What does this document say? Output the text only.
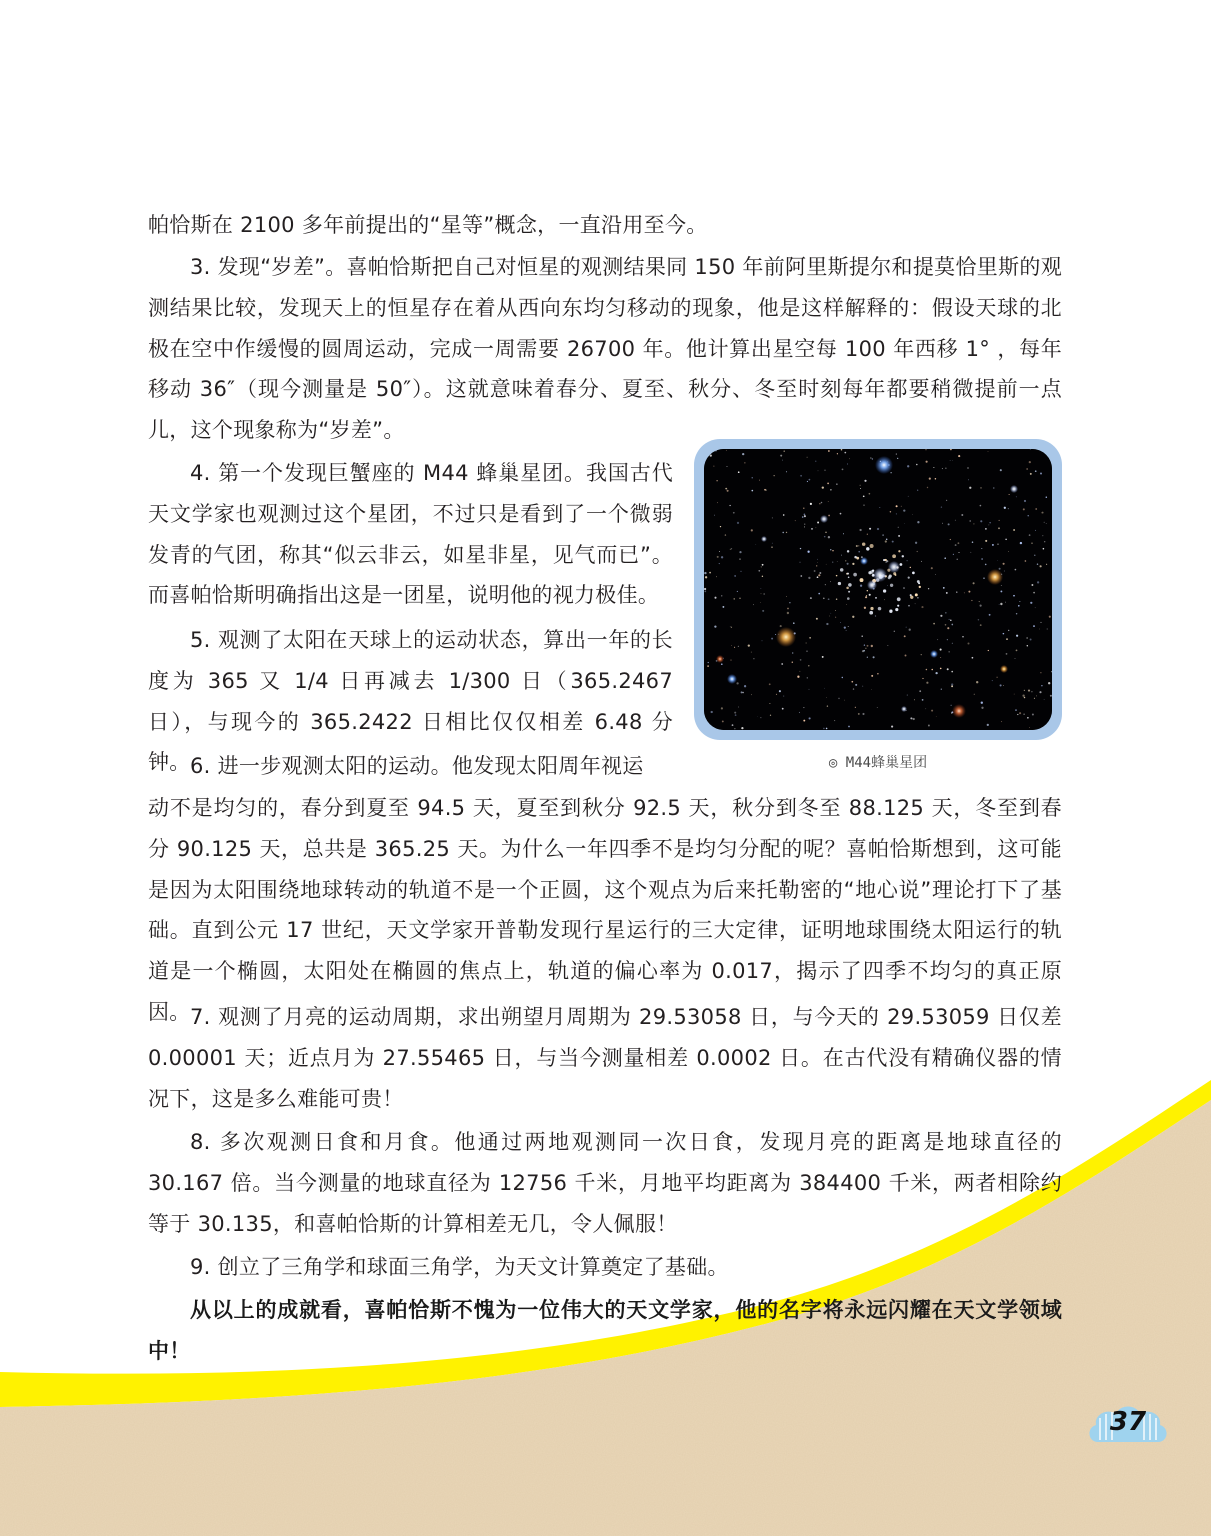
帕恰斯在 2100 多年前提出的“星等”概念，一直沿用至今。

3. 发现“岁差”。喜帕恰斯把自己对恒星的观测结果同 150 年前阿里斯提尔和提莫恰里斯的观测结果比较，发现天上的恒星存在着从西向东均匀移动的现象，他是这样解释的：假设天球的北极在空中作缓慢的圆周运动，完成一周需要 26700 年。他计算出星空每 100 年西移 1° ，每年移动 36″（现今测量是 50″）。这就意味着春分、夏至、秋分、冬至时刻每年都要稍微提前一点儿，这个现象称为“岁差”。

4. 第一个发现巨蟹座的 M44 蜂巢星团。我国古代天文学家也观测过这个星团，不过只是看到了一个微弱发青的气团，称其“似云非云，如星非星，见气而已”。而喜帕恰斯明确指出这是一团星，说明他的视力极佳。

5. 观测了太阳在天球上的运动状态，算出一年的长度为 365 又 1/4 日再减去 1/300 日（365.2467 日），与现今的 365.2422 日相比仅仅相差 6.48 分钟。 6. 进一步观测太阳的运动。他发现太阳周年视运

动不是均匀的，春分到夏至 94.5 天，夏至到秋分 92.5 天，秋分到冬至 88.125 天，冬至到春分 90.125 天，总共是 365.25 天。为什么一年四季不是均匀分配的呢？喜帕恰斯想到，这可能是因为太阳围绕地球转动的轨道不是一个正圆，这个观点为后来托勒密的“地心说”理论打下了基础。直到公元 17 世纪，天文学家开普勒发现行星运行的三大定律，证明地球围绕太阳运行的轨道是一个椭圆，太阳处在椭圆的焦点上，轨道的偏心率为 0.017，揭示了四季不均匀的真正原因。 7. 观测了月亮的运动周期，求出朔望月周期为 29.53058 日，与今天的 29.53059 日仅差 0.00001 天；近点月为 27.55465 日，与当今测量相差 0.0002 日。在古代没有精确仪器的情况下，这是多么难能可贵！

8. 多次观测日食和月食。他通过两地观测同一次日食，发现月亮的距离是地球直径的 30.167 倍。当今测量的地球直径为 12756 千米，月地平均距离为 384400 千米，两者相除约等于 30.135，和喜帕恰斯的计算相差无几，令人佩服！

9. 创立了三角学和球面三角学，为天文计算奠定了基础。

从以上的成就看，喜帕恰斯不愧为一位伟大的天文学家，他的名字将永远闪耀在天文学领域中！

◎ M44蜂巢星团
37
